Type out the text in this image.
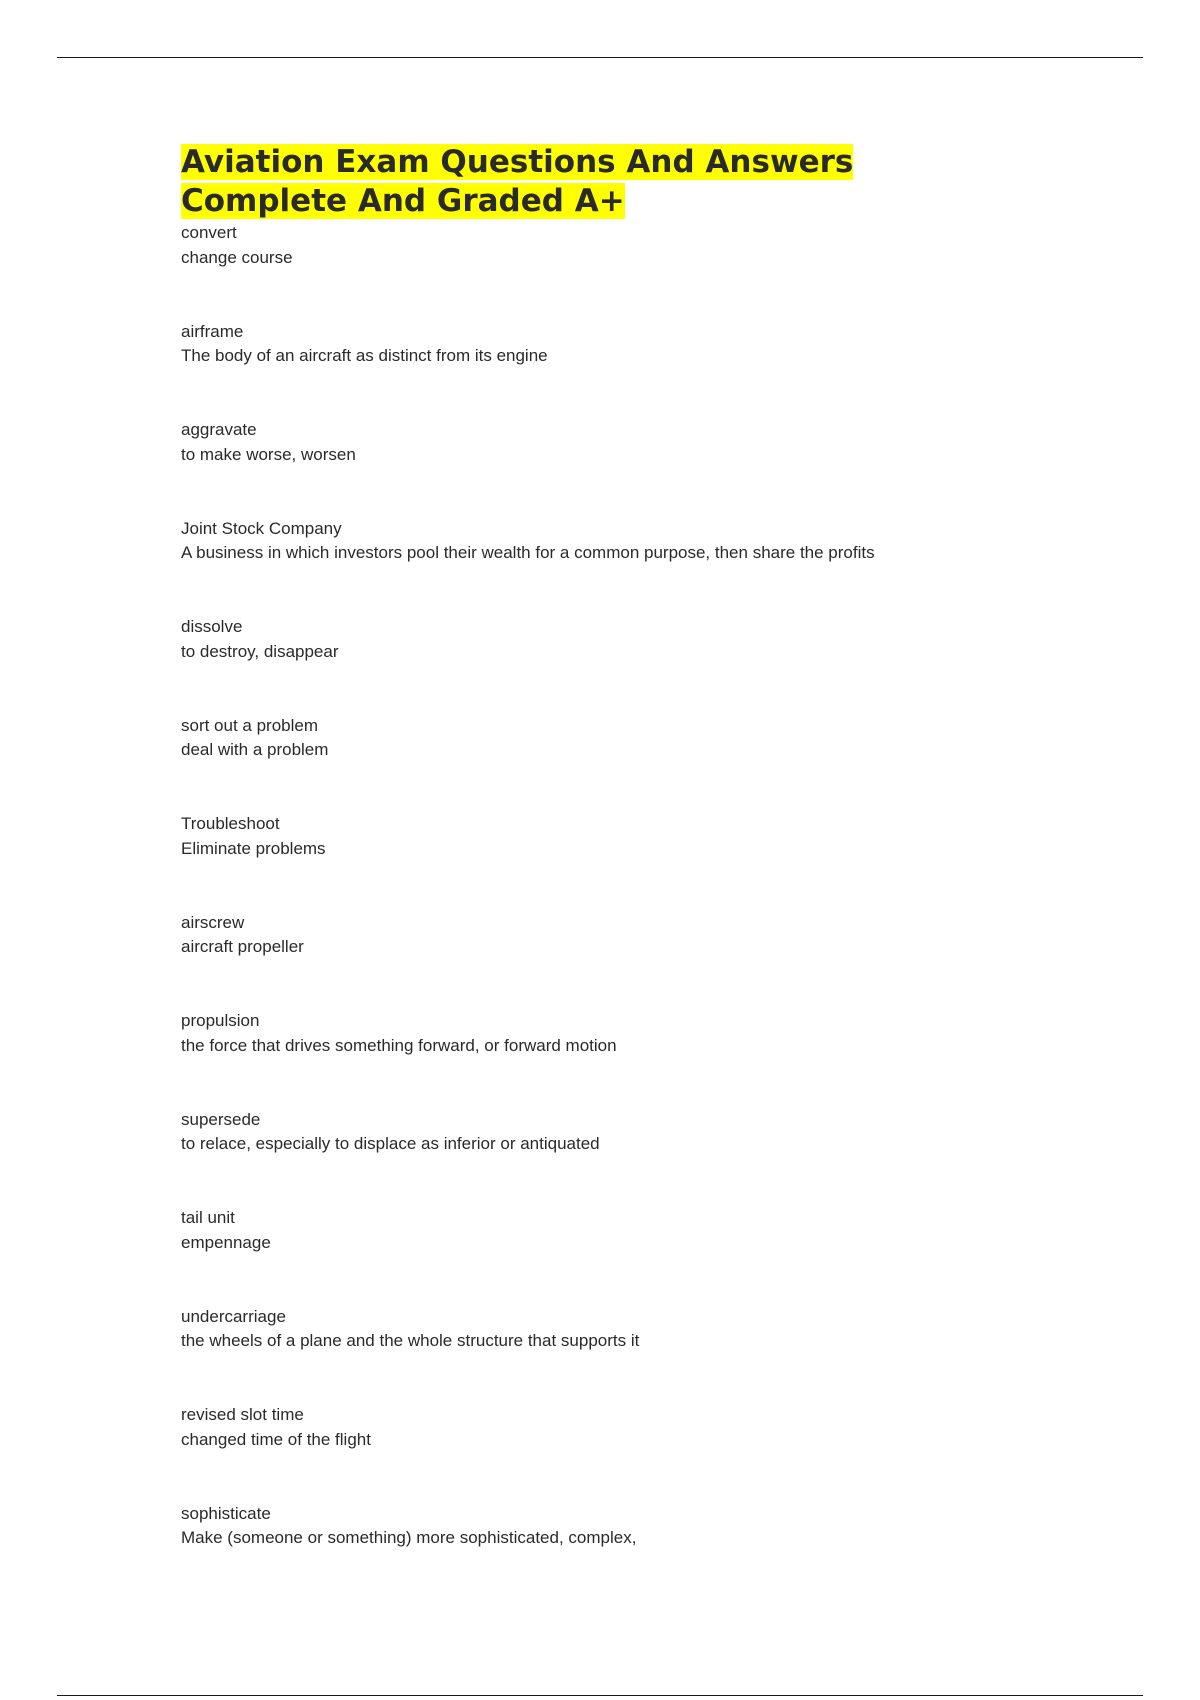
Aviation Exam Questions And Answers
Complete And Graded A+
convert
change course
airframe
The body of an aircraft as distinct from its engine
aggravate
to make worse, worsen
Joint Stock Company
A business in which investors pool their wealth for a common purpose, then share the profits
dissolve
to destroy, disappear
sort out a problem
deal with a problem
Troubleshoot
Eliminate problems
airscrew
aircraft propeller
propulsion
the force that drives something forward, or forward motion
supersede
to relace, especially to displace as inferior or antiquated
tail unit
empennage
undercarriage
the wheels of a plane and the whole structure that supports it
revised slot time
changed time of the flight
sophisticate
Make (someone or something) more sophisticated, complex,
